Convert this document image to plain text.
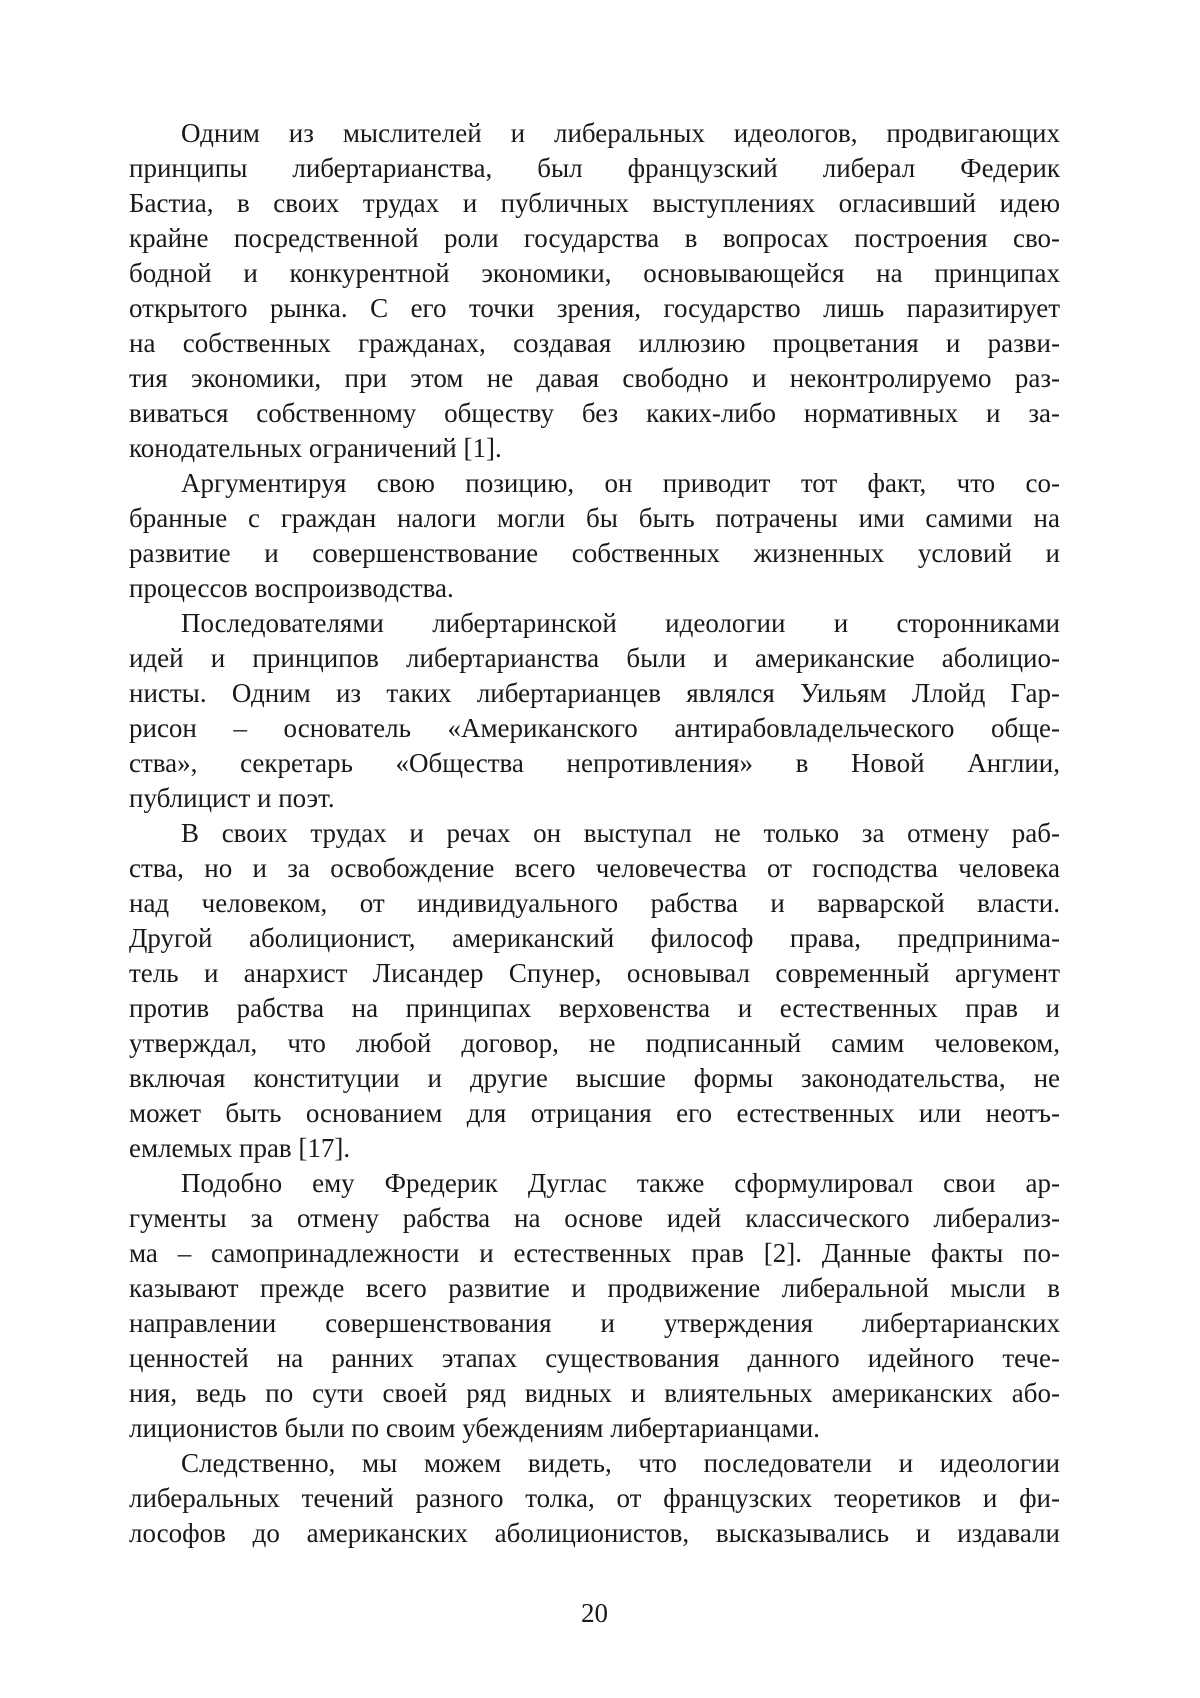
Одним из мыслителей и либеральных идеологов, продвигающих
принципы либертарианства, был французский либерал Федерик
Бастиа, в своих трудах и публичных выступлениях огласивший идею
крайне посредственной роли государства в вопросах построения сво-
бодной и конкурентной экономики, основывающейся на принципах
открытого рынка. С его точки зрения, государство лишь паразитирует
на собственных гражданах, создавая иллюзию процветания и разви-
тия экономики, при этом не давая свободно и неконтролируемо раз-
виваться собственному обществу без каких-либо нормативных и за-
конодательных ограничений [1].
Аргументируя свою позицию, он приводит тот факт, что со-
бранные с граждан налоги могли бы быть потрачены ими самими на
развитие и совершенствование собственных жизненных условий и
процессов воспроизводства.
Последователями либертаринской идеологии и сторонниками
идей и принципов либертарианства были и американские аболицио-
нисты. Одним из таких либертарианцев являлся Уильям Ллойд Гар-
рисон – основатель «Американского антирабовладельческого обще-
ства», секретарь «Общества непротивления» в Новой Англии,
публицист и поэт.
В своих трудах и речах он выступал не только за отмену раб-
ства, но и за освобождение всего человечества от господства человека
над человеком, от индивидуального рабства и варварской власти.
Другой аболиционист, американский философ права, предпринима-
тель и анархист Лисандер Спунер, основывал современный аргумент
против рабства на принципах верховенства и естественных прав и
утверждал, что любой договор, не подписанный самим человеком,
включая конституции и другие высшие формы законодательства, не
может быть основанием для отрицания его естественных или неотъ-
емлемых прав [17].
Подобно ему Фредерик Дуглас также сформулировал свои ар-
гументы за отмену рабства на основе идей классического либерализ-
ма – самопринадлежности и естественных прав [2]. Данные факты по-
казывают прежде всего развитие и продвижение либеральной мысли в
направлении совершенствования и утверждения либертарианских
ценностей на ранних этапах существования данного идейного тече-
ния, ведь по сути своей ряд видных и влиятельных американских або-
лиционистов были по своим убеждениям либертарианцами.
Следственно, мы можем видеть, что последователи и идеологии
либеральных течений разного толка, от французских теоретиков и фи-
лософов до американских аболиционистов, высказывались и издавали
20
